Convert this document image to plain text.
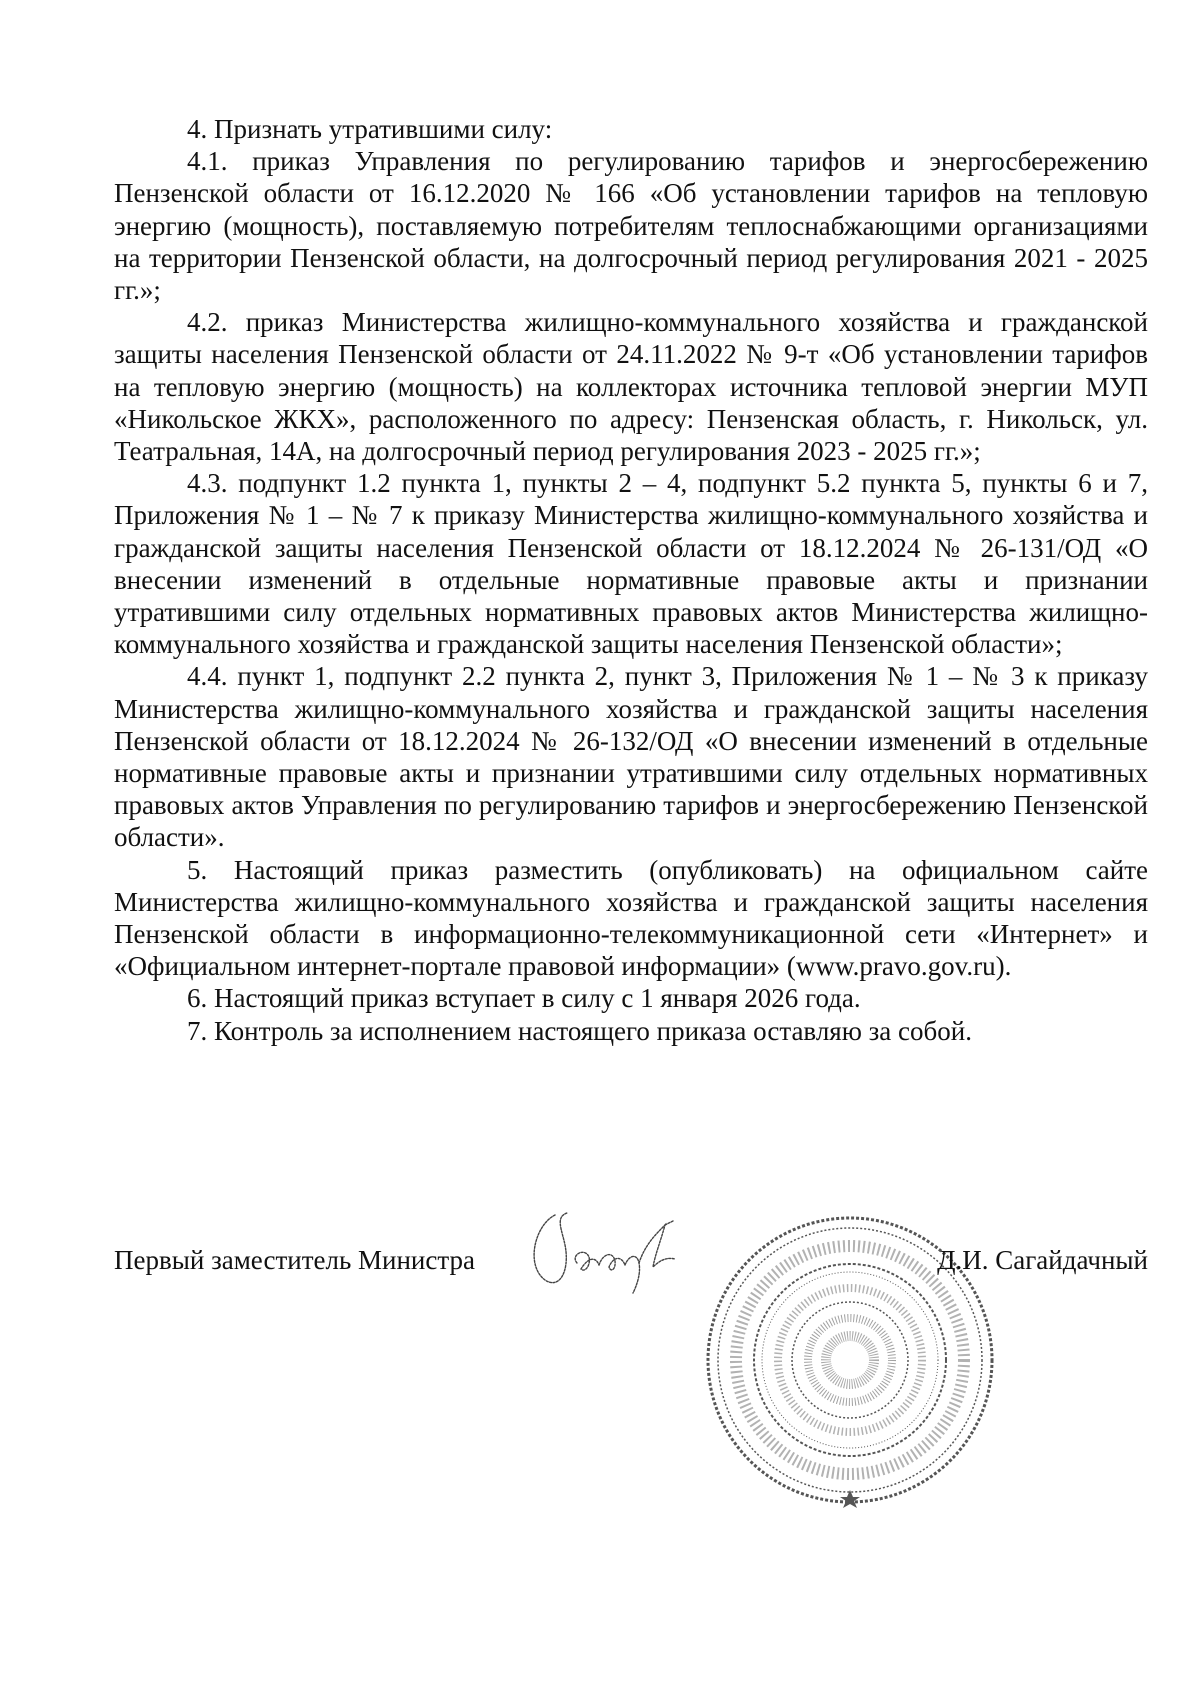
4. Признать утратившими силу:

4.1. приказ Управления по регулированию тарифов и энергосбережению Пензенской области от 16.12.2020 № 166 «Об установлении тарифов на тепловую энергию (мощность), поставляемую потребителям теплоснабжающими организациями на территории Пензенской области, на долгосрочный период регулирования 2021 - 2025 гг.»;

4.2. приказ Министерства жилищно-коммунального хозяйства и гражданской защиты населения Пензенской области от 24.11.2022 № 9-т «Об установлении тарифов на тепловую энергию (мощность) на коллекторах источника тепловой энергии МУП «Никольское ЖКХ», расположенного по адресу: Пензенская область, г. Никольск, ул. Театральная, 14А, на долгосрочный период регулирования 2023 - 2025 гг.»;

4.3. подпункт 1.2 пункта 1, пункты 2 – 4, подпункт 5.2 пункта 5, пункты 6 и 7, Приложения № 1 – № 7 к приказу Министерства жилищно-коммунального хозяйства и гражданской защиты населения Пензенской области от 18.12.2024 № 26-131/ОД «О внесении изменений в отдельные нормативные правовые акты и признании утратившими силу отдельных нормативных правовых актов Министерства жилищно-коммунального хозяйства и гражданской защиты населения Пензенской области»;

4.4. пункт 1, подпункт 2.2 пункта 2, пункт 3, Приложения № 1 – № 3 к приказу Министерства жилищно-коммунального хозяйства и гражданской защиты населения Пензенской области от 18.12.2024 № 26-132/ОД «О внесении изменений в отдельные нормативные правовые акты и признании утратившими силу отдельных нормативных правовых актов Управления по регулированию тарифов и энергосбережению Пензенской области».

5. Настоящий приказ разместить (опубликовать) на официальном сайте Министерства жилищно-коммунального хозяйства и гражданской защиты населения Пензенской области в информационно-телекоммуникационной сети «Интернет» и «Официальном интернет-портале правовой информации» (www.pravo.gov.ru).

6. Настоящий приказ вступает в силу с 1 января 2026 года.

7. Контроль за исполнением настоящего приказа оставляю за собой.

Первый заместитель Министра	Д.И. Сагайдачный
